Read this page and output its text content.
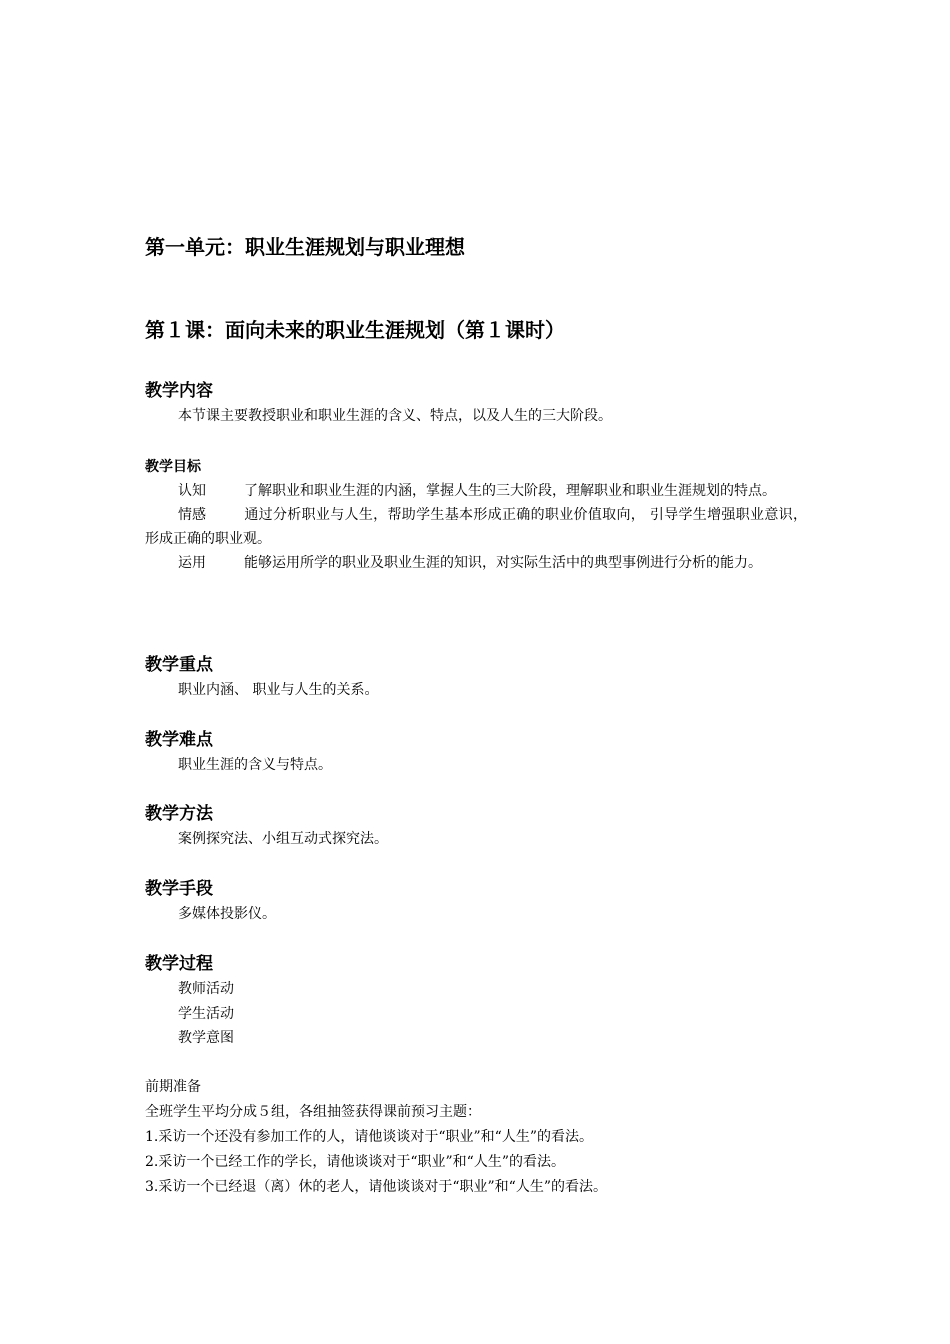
第一单元：职业生涯规划与职业理想
第１课：面向未来的职业生涯规划（第１课时）
教学内容

本节课主要教授职业和职业生涯的含义、特点，以及人生的三大阶段。

教学目标

认知	了解职业和职业生涯的内涵，掌握人生的三大阶段，理解职业和职业生涯规划的特点。

情感	通过分析职业与人生，帮助学生基本形成正确的职业价值取向， 引导学生增强职业意识，形成正确的职业观。

运用	能够运用所学的职业及职业生涯的知识，对实际生活中的典型事例进行分析的能力。

教学重点

职业内涵、 职业与人生的关系。

教学难点

职业生涯的含义与特点。

教学方法

案例探究法、小组互动式探究法。

教学手段

多媒体投影仪。

教学过程

教师活动

学生活动

教学意图

前期准备

全班学生平均分成５组，各组抽签获得课前预习主题：

1.采访一个还没有参加工作的人，请他谈谈对于“职业”和“人生”的看法。

2.采访一个已经工作的学长，请他谈谈对于“职业”和“人生”的看法。

3.采访一个已经退（离）休的老人，请他谈谈对于“职业”和“人生”的看法。
